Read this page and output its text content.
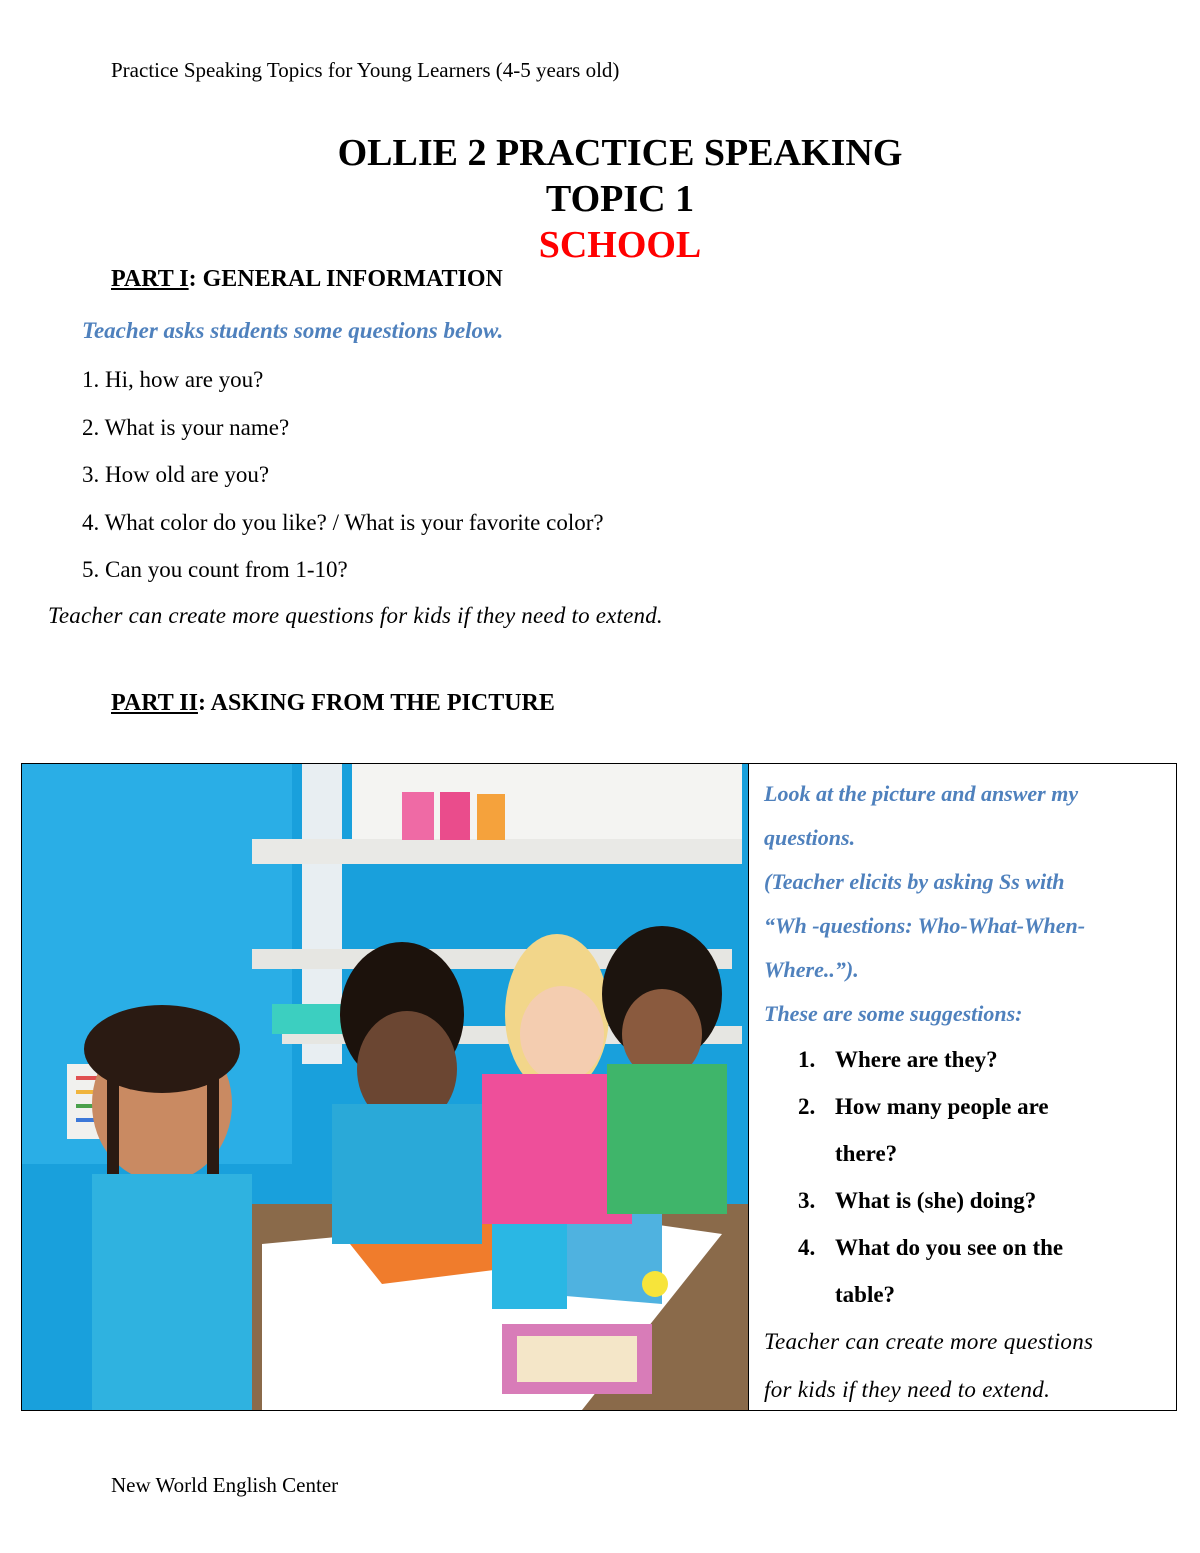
Practice Speaking Topics for Young Learners (4-5 years old)
OLLIE 2 PRACTICE SPEAKING
TOPIC 1
SCHOOL
PART I: GENERAL INFORMATION
Teacher asks students some questions below.
1. Hi, how are you?
2. What is your name?
3. How old are you?
4. What color do you like? / What is your favorite color?
5. Can you count from 1-10?
Teacher can create more questions for kids if they need to extend.
PART II: ASKING FROM THE PICTURE
Look at the picture and answer my
questions.
(Teacher elicits by asking Ss with
“Wh -questions: Who-What-When-
Where..”).
These are some suggestions:
1. Where are they?
2. How many people are
there?
3. What is (she) doing?
4. What do you see on the
table?
Teacher can create more questions
for kids if they need to extend.
New World English Center
